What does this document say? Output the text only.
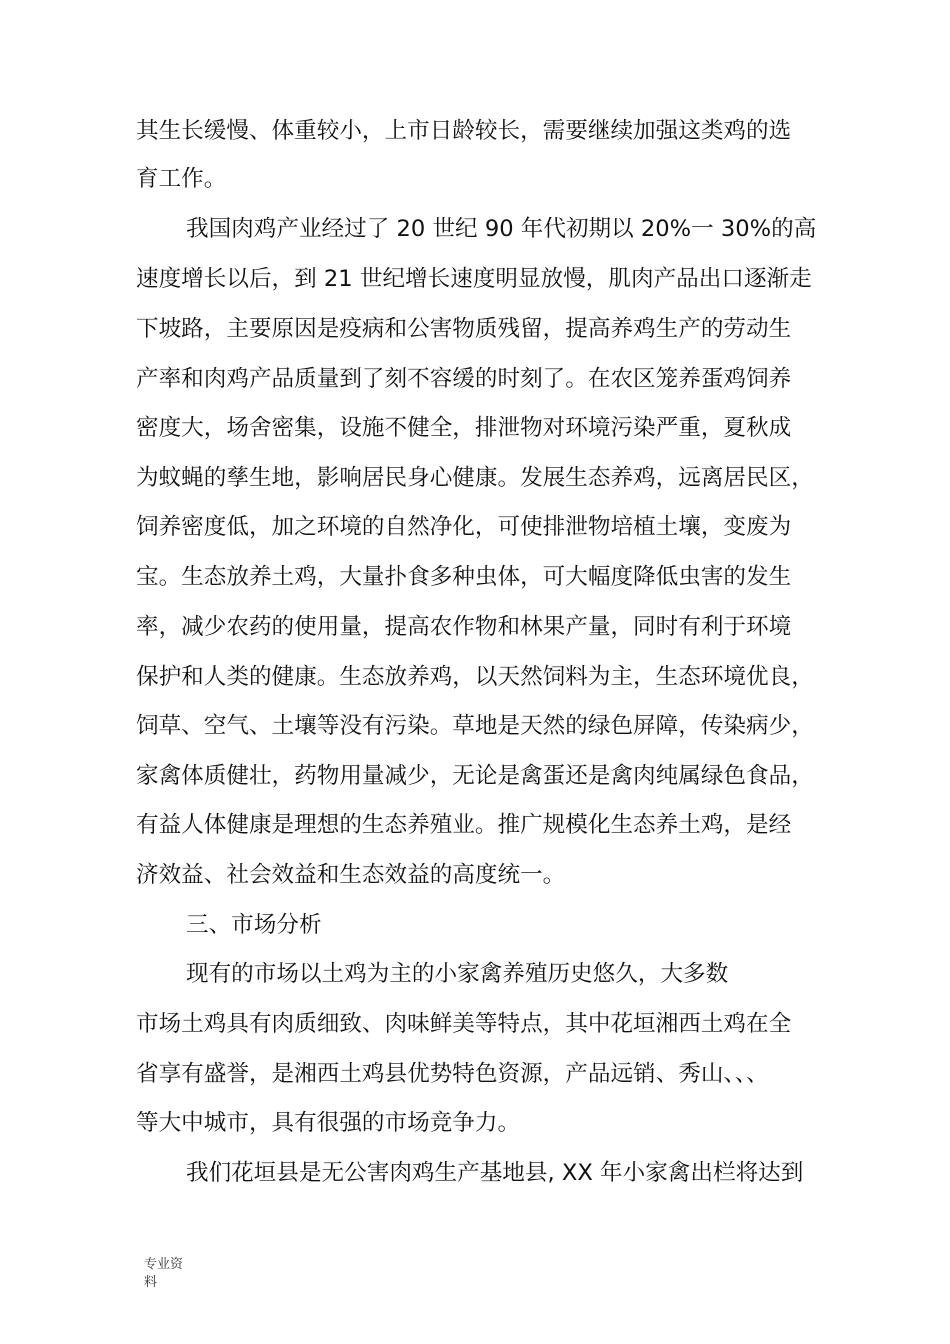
其生长缓慢、体重较小，上市日龄较长，需要继续加强这类鸡的选
育工作。
我国肉鸡产业经过了 20 世纪 90 年代初期以 20%一 30%的高
速度增长以后，到 21 世纪增长速度明显放慢，肌肉产品出口逐渐走
下坡路，主要原因是疫病和公害物质残留，提高养鸡生产的劳动生
产率和肉鸡产品质量到了刻不容缓的时刻了。在农区笼养蛋鸡饲养
密度大，场舍密集，设施不健全，排泄物对环境污染严重，夏秋成
为蚊蝇的孳生地，影响居民身心健康。发展生态养鸡，远离居民区，
饲养密度低，加之环境的自然净化，可使排泄物培植土壤，变废为
宝。生态放养土鸡，大量扑食多种虫体，可大幅度降低虫害的发生
率，减少农药的使用量，提高农作物和林果产量，同时有利于环境
保护和人类的健康。生态放养鸡，以天然饲料为主，生态环境优良，
饲草、空气、土壤等没有污染。草地是天然的绿色屏障，传染病少，
家禽体质健壮，药物用量减少，无论是禽蛋还是禽肉纯属绿色食品，
有益人体健康是理想的生态养殖业。推广规模化生态养土鸡，是经
济效益、社会效益和生态效益的高度统一。
三、市场分析
现有的市场以土鸡为主的小家禽养殖历史悠久，大多数
市场土鸡具有肉质细致、肉味鲜美等特点，其中花垣湘西土鸡在全
省享有盛誉，是湘西土鸡县优势特色资源，产品远销、秀山、、、
等大中城市，具有很强的市场竞争力。
我们花垣县是无公害肉鸡生产基地县, XX 年小家禽出栏将达到
专业资
料
